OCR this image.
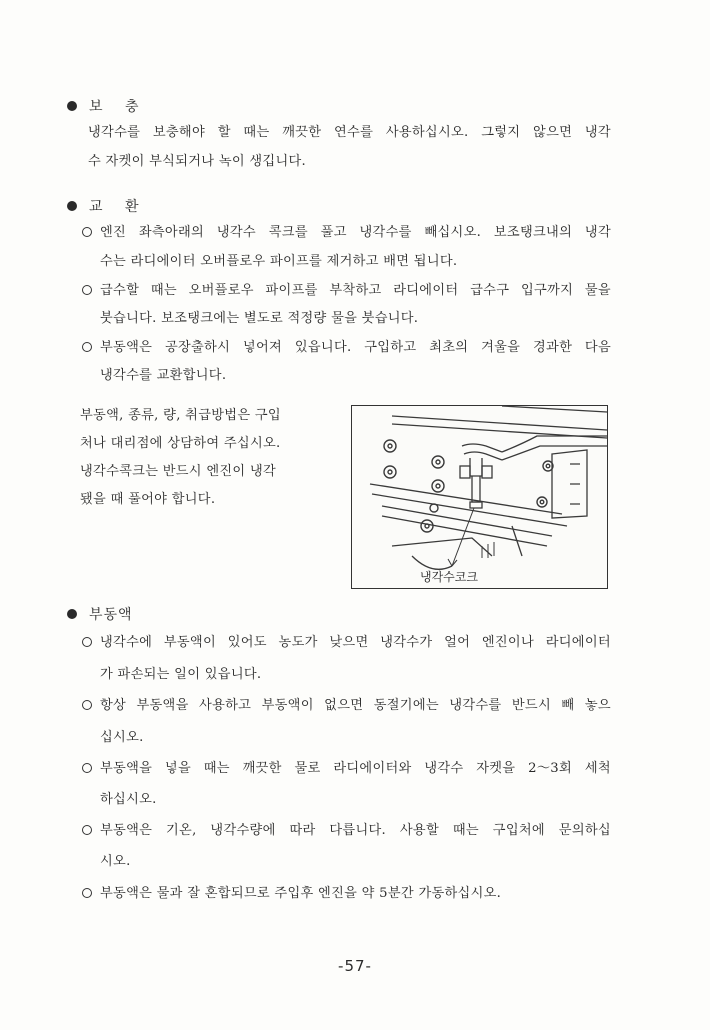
보 충
냉각수를 보충해야 할 때는 깨끗한 연수를 사용하십시오. 그렇지 않으면 냉각
수 자켓이 부식되거나 녹이 생깁니다.
교 환
엔진 좌측아래의 냉각수 콕크를 풀고 냉각수를 빼십시오. 보조탱크내의 냉각
수는 라디에이터 오버플로우 파이프를 제거하고 배면 됩니다.
급수할 때는 오버플로우 파이프를 부착하고 라디에이터 급수구 입구까지 물을
붓습니다. 보조탱크에는 별도로 적정량 물을 붓습니다.
부동액은 공장출하시 넣어져 있읍니다. 구입하고 최초의 겨울을 경과한 다음
냉각수를 교환합니다.
부동액, 종류, 량, 취급방법은 구입
처나 대리점에 상담하여 주십시오.
냉각수콕크는 반드시 엔진이 냉각
됐을 때 풀어야 합니다.
냉각수코크
부동액
냉각수에 부동액이 있어도 농도가 낮으면 냉각수가 얼어 엔진이나 라디에이터
가 파손되는 일이 있읍니다.
항상 부동액을 사용하고 부동액이 없으면 동절기에는 냉각수를 반드시 빼 놓으
십시오.
부동액을 넣을 때는 깨끗한 물로 라디에이터와 냉각수 자켓을 2～3회 세척
하십시오.
부동액은 기온, 냉각수량에 따라 다릅니다. 사용할 때는 구입처에 문의하십
시오.
부동액은 물과 잘 혼합되므로 주입후 엔진을 약 5분간 가동하십시오.
-57-
